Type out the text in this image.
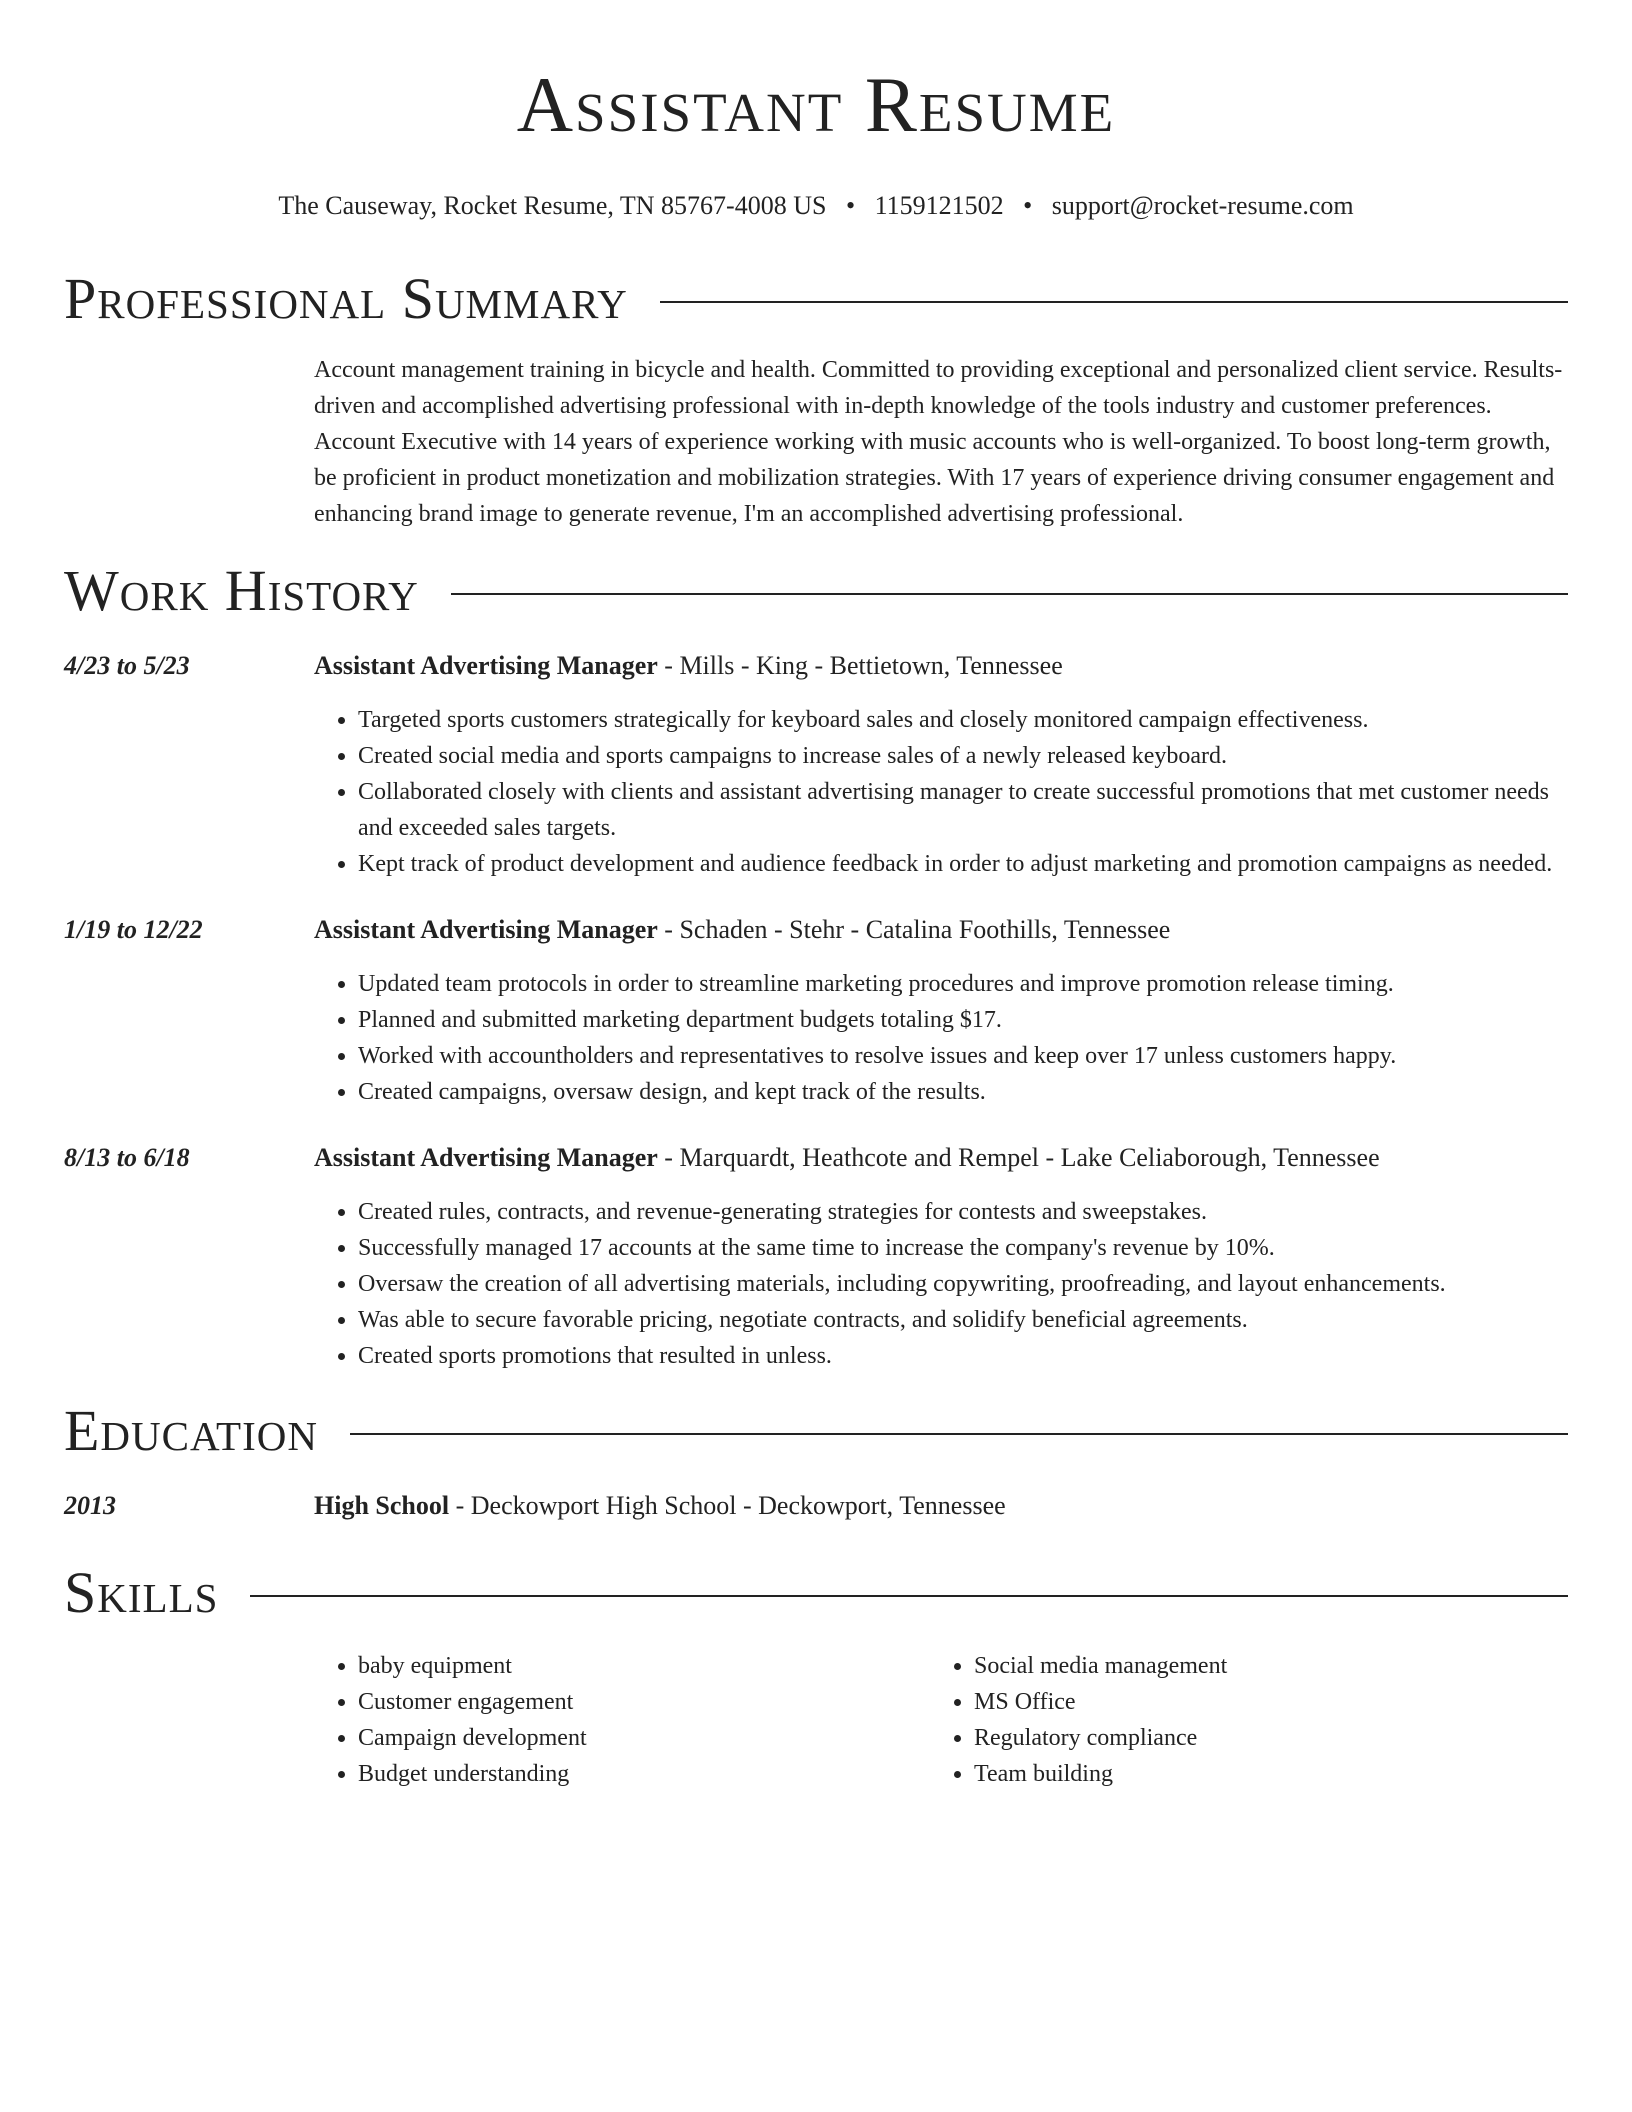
Assistant Resume
The Causeway, Rocket Resume, TN 85767-4008 US • 1159121502 • support@rocket-resume.com
Professional Summary

Account management training in bicycle and health. Committed to providing exceptional and personalized client service. Results-driven and accomplished advertising professional with in-depth knowledge of the tools industry and customer preferences. Account Executive with 14 years of experience working with music accounts who is well-organized. To boost long-term growth, be proficient in product monetization and mobilization strategies. With 17 years of experience driving consumer engagement and enhancing brand image to generate revenue, I'm an accomplished advertising professional.

Work History
4/23 to 5/23	Assistant Advertising Manager - Mills - King - Bettietown, Tennessee
• Targeted sports customers strategically for keyboard sales and closely monitored campaign effectiveness.
• Created social media and sports campaigns to increase sales of a newly released keyboard.
• Collaborated closely with clients and assistant advertising manager to create successful promotions that met customer needs and exceeded sales targets.
• Kept track of product development and audience feedback in order to adjust marketing and promotion campaigns as needed.
1/19 to 12/22	Assistant Advertising Manager - Schaden - Stehr - Catalina Foothills, Tennessee
• Updated team protocols in order to streamline marketing procedures and improve promotion release timing.
• Planned and submitted marketing department budgets totaling $17.
• Worked with accountholders and representatives to resolve issues and keep over 17 unless customers happy.
• Created campaigns, oversaw design, and kept track of the results.
8/13 to 6/18	Assistant Advertising Manager - Marquardt, Heathcote and Rempel - Lake Celiaborough, Tennessee
• Created rules, contracts, and revenue-generating strategies for contests and sweepstakes.
• Successfully managed 17 accounts at the same time to increase the company's revenue by 10%.
• Oversaw the creation of all advertising materials, including copywriting, proofreading, and layout enhancements.
• Was able to secure favorable pricing, negotiate contracts, and solidify beneficial agreements.
• Created sports promotions that resulted in unless.
Education
2013	High School - Deckowport High School - Deckowport, Tennessee
Skills
• baby equipment
• Customer engagement
• Campaign development
• Budget understanding
• Social media management
• MS Office
• Regulatory compliance
• Team building
